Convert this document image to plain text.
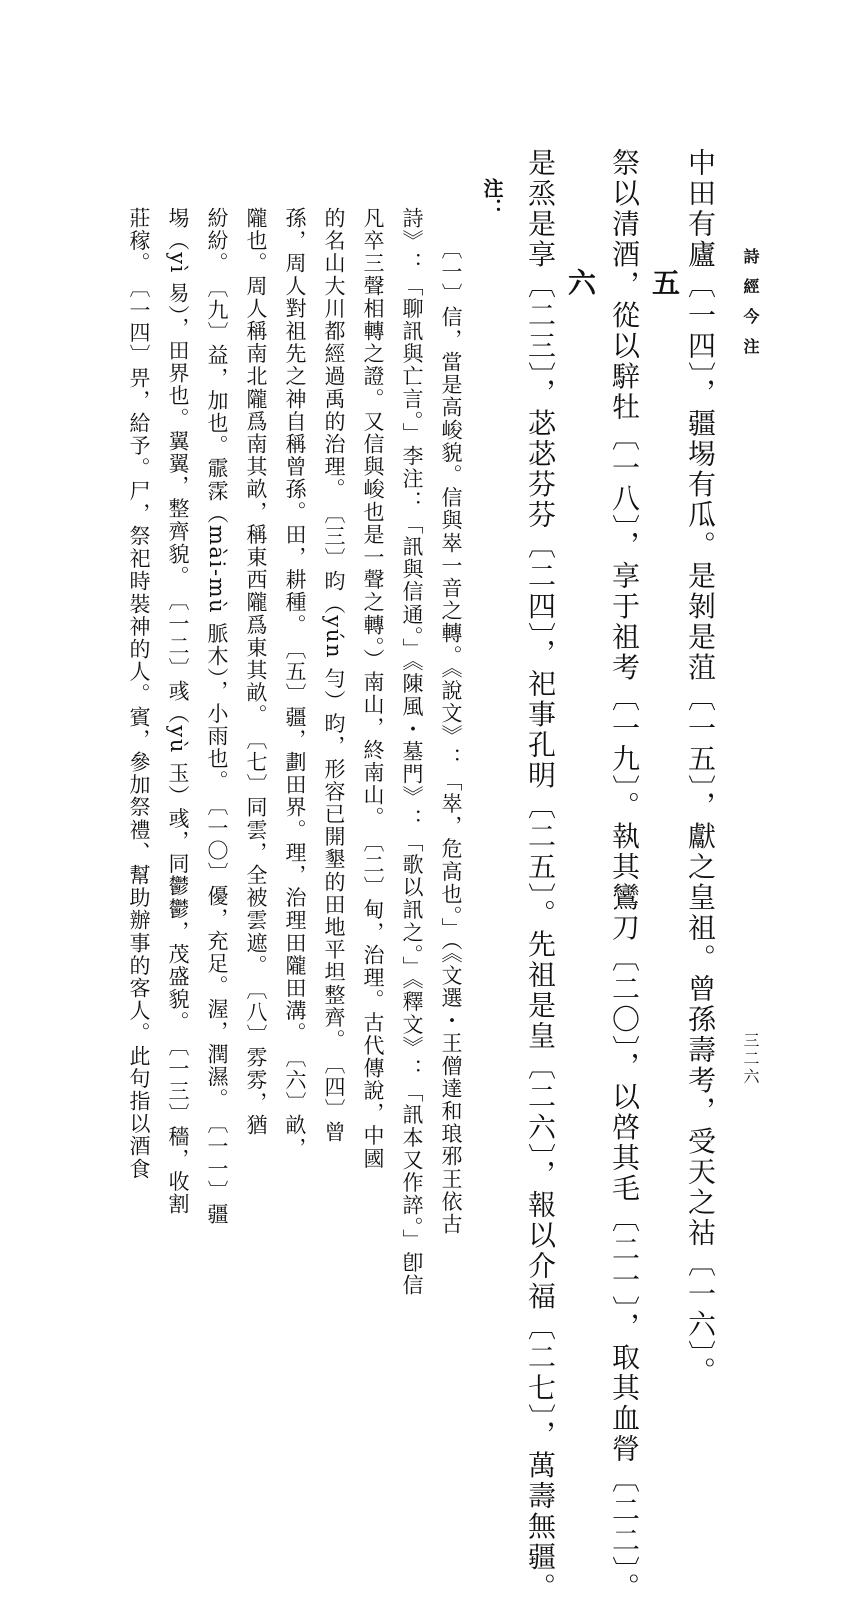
詩經今注
三二六
中田有廬〔一四〕，疆埸有瓜。是剝是菹〔一五〕，獻之皇祖。曾孫壽考，受天之祜〔一六〕。
五
祭以清酒，從以騂牡〔一八〕，享于祖考〔一九〕。執其鸞刀〔二〇〕，以啓其毛〔二一〕，取其血膋〔二二〕。
六
是烝是享〔二三〕，苾苾芬芬〔二四〕，祀事孔明〔二五〕。先祖是皇〔二六〕，報以介福〔二七〕，萬壽無疆。
注：
〔一〕信，當是高峻貌。信與崒一音之轉。《說文》：「崒，危高也。」（《文選・王僧達和琅邪王依古
詩》：「聊訊與亡言。」李注：「訊與信通。」《陳風・墓門》：「歌以訊之。」《釋文》：「訊本又作誶。」卽信
凡卒三聲相轉之證。又信與峻也是一聲之轉。）南山，終南山。　〔二〕甸，治理。古代傳說，中國
的名山大川都經過禹的治理。　〔三〕昀（yún 勻）昀，形容已開墾的田地平坦整齊。　〔四〕曾
孫，周人對祖先之神自稱曾孫。田，耕種。　〔五〕疆，劃田界。理，治理田隴田溝。　〔六〕畝，
隴也。周人稱南北隴爲南其畝，稱東西隴爲東其畝。　〔七〕同雲，全被雲遮。　〔八〕雰雰，猶
紛紛。　〔九〕益，加也。霢霂（mài-mù 脈木），小雨也。　〔一〇〕優，充足。渥，潤濕。　〔一一〕疆
埸（yì 易），田界也。翼翼，整齊貌。　〔一二〕彧（yù 玉）彧，同鬱鬱，茂盛貌。　〔一三〕穡，收割
莊稼。　〔一四〕畀，給予。尸，祭祀時裝神的人。賓，參加祭禮、幫助辦事的客人。此句指以酒食
